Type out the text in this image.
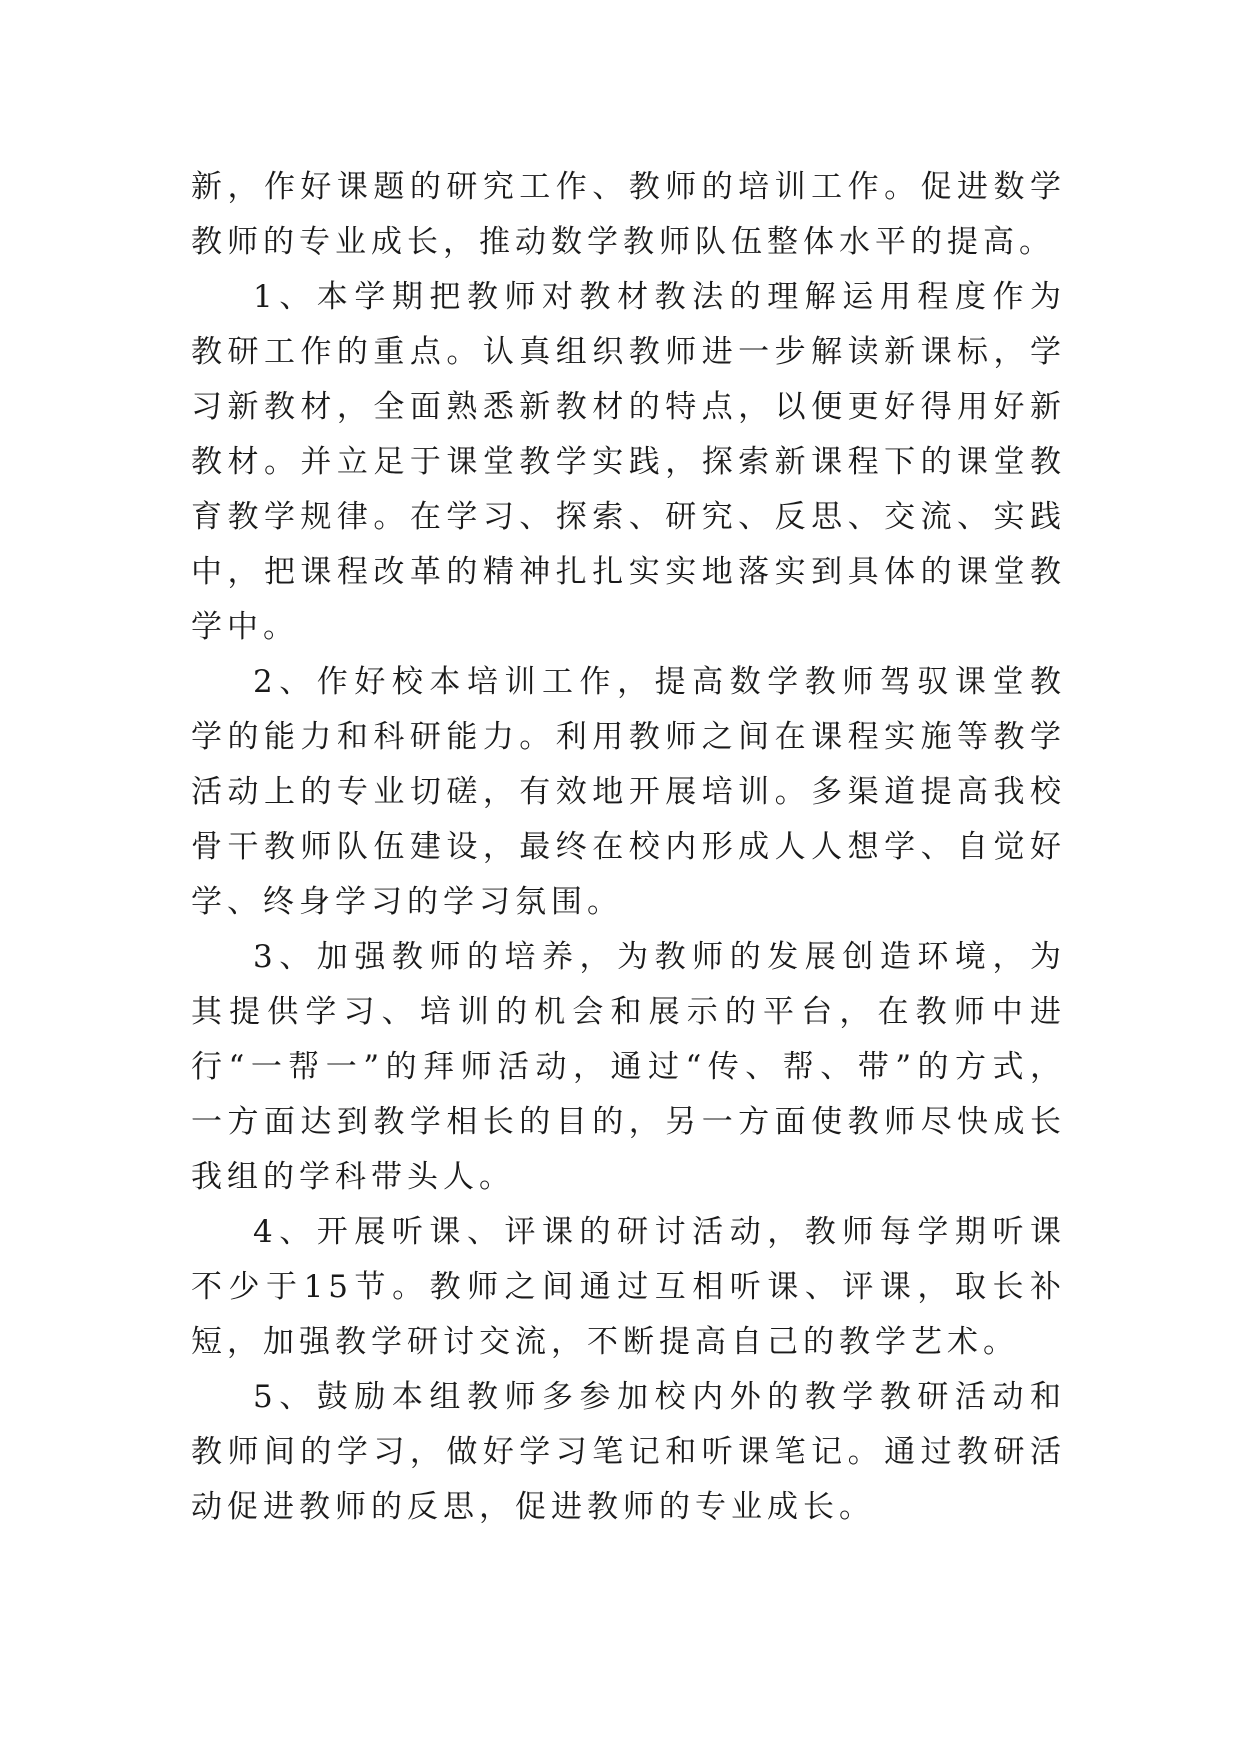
新，作好课题的研究工作、教师的培训工作。促进数学教师的专业成长，推动数学教师队伍整体水平的提高。

1、本学期把教师对教材教法的理解运用程度作为教研工作的重点。认真组织教师进一步解读新课标，学习新教材，全面熟悉新教材的特点，以便更好得用好新教材。并立足于课堂教学实践，探索新课程下的课堂教育教学规律。在学习、探索、研究、反思、交流、实践中，把课程改革的精神扎扎实实地落实到具体的课堂教学中。

2、作好校本培训工作，提高数学教师驾驭课堂教学的能力和科研能力。利用教师之间在课程实施等教学活动上的专业切磋，有效地开展培训。多渠道提高我校骨干教师队伍建设，最终在校内形成人人想学、自觉好学、终身学习的学习氛围。

3、加强教师的培养，为教师的发展创造环境，为其提供学习、培训的机会和展示的平台，在教师中进行“一帮一”的拜师活动，通过“传、帮、带”的方式，一方面达到教学相长的目的，另一方面使教师尽快成长我组的学科带头人。

4、开展听课、评课的研讨活动，教师每学期听课不少于15节。教师之间通过互相听课、评课，取长补短，加强教学研讨交流，不断提高自己的教学艺术。

5、鼓励本组教师多参加校内外的教学教研活动和教师间的学习，做好学习笔记和听课笔记。通过教研活动促进教师的反思，促进教师的专业成长。
